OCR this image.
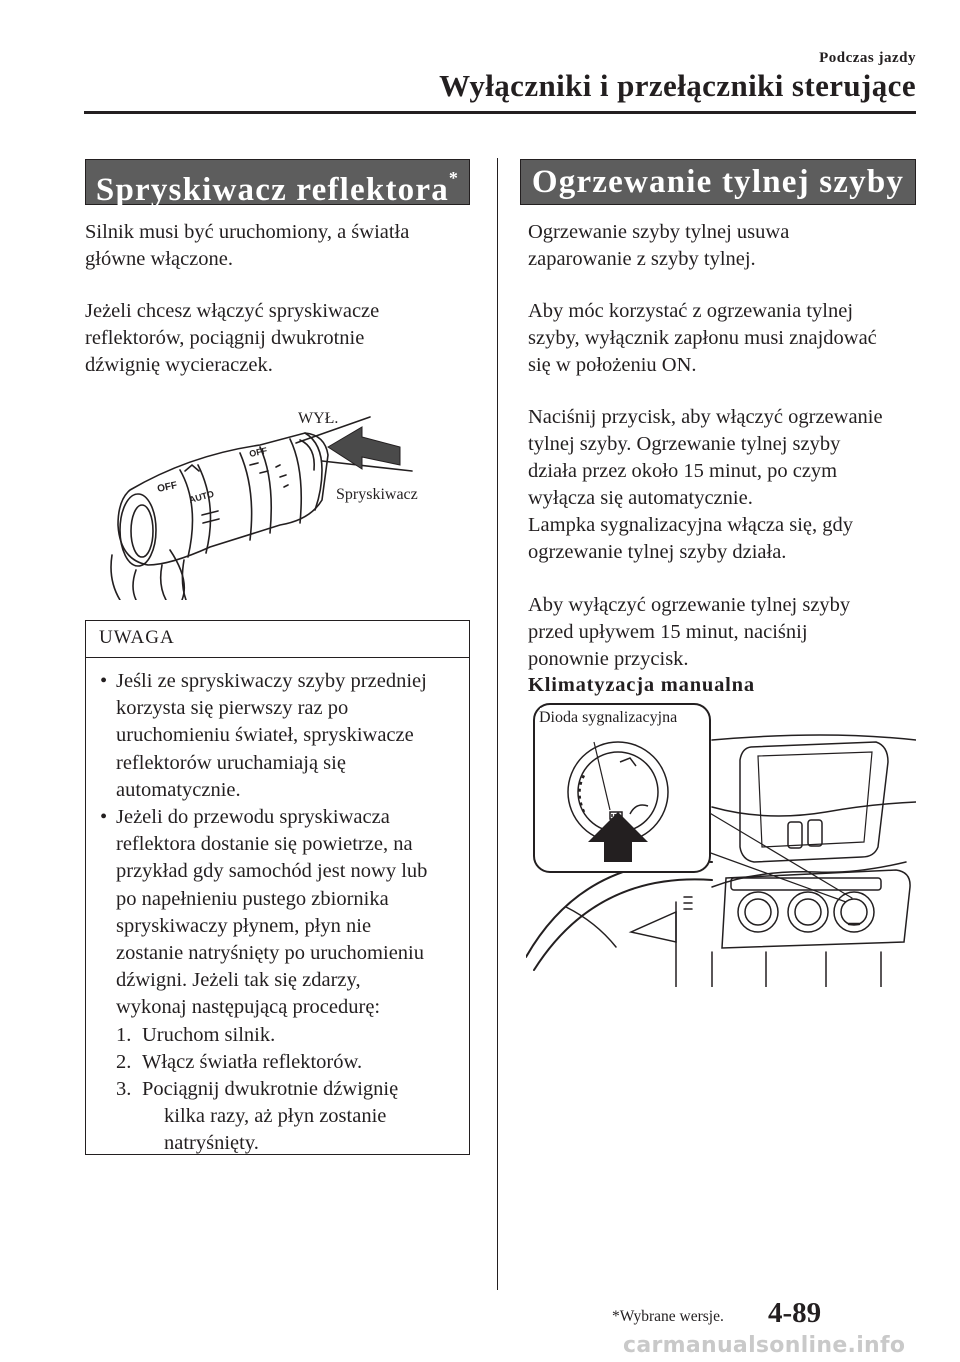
Podczas jazdy
Wyłączniki i przełączniki sterujące
Spryskiwacz reflektora*

Silnik musi być uruchomiony, a światła
główne włączone.

Jeżeli chcesz włączyć spryskiwacze
reflektorów, pociągnij dwukrotnie
dźwignię wycieraczek.

OFF
AUTO
OFF
WYŁ.
Spryskiwacz
UWAGA
• Jeśli ze spryskiwaczy szyby przedniej
korzysta się pierwszy raz po
uruchomieniu świateł, spryskiwacze
reflektorów uruchamiają się
automatycznie.
• Jeżeli do przewodu spryskiwacza
reflektora dostanie się powietrze, na
przykład gdy samochód jest nowy lub
po napełnieniu pustego zbiornika
spryskiwaczy płynem, płyn nie
zostanie natryśnięty po uruchomieniu
dźwigni. Jeżeli tak się zdarzy,
wykonaj następującą procedurę:
1. Uruchom silnik.
2. Włącz światła reflektorów.
3. Pociągnij dwukrotnie dźwignię
kilka razy, aż płyn zostanie
natryśnięty.
Ogrzewanie tylnej szyby

Ogrzewanie szyby tylnej usuwa
zaparowanie z szyby tylnej.

Aby móc korzystać z ogrzewania tylnej
szyby, wyłącznik zapłonu musi znajdować
się w położeniu ON.

Naciśnij przycisk, aby włączyć ogrzewanie
tylnej szyby. Ogrzewanie tylnej szyby
działa przez około 15 minut, po czym
wyłącza się automatycznie.
Lampka sygnalizacyjna włącza się, gdy
ogrzewanie tylnej szyby działa.

Aby wyłączyć ogrzewanie tylnej szyby
przed upływem 15 minut, naciśnij
ponownie przycisk.

Klimatyzacja manualna
Dioda sygnalizacyjna
*Wybrane wersje. 4-89
carmanualsonline.info
